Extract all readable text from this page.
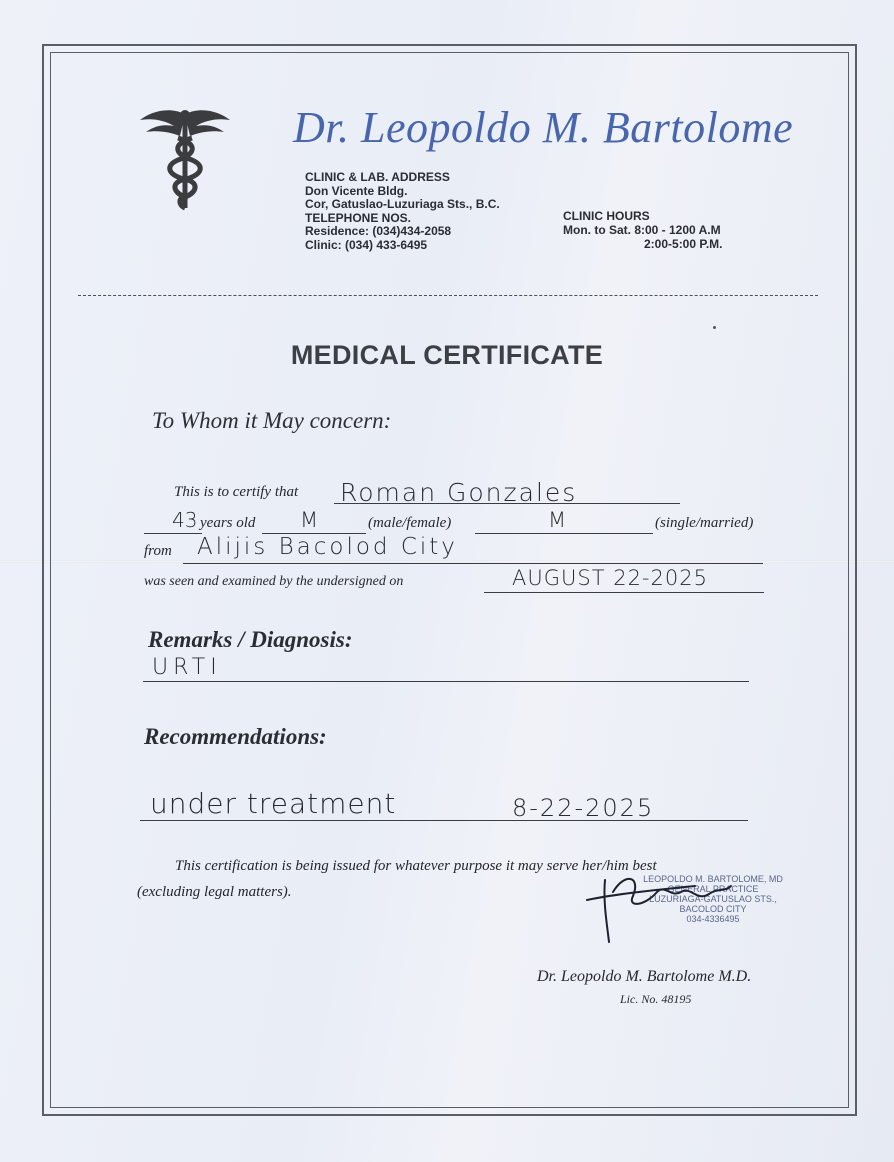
Dr. Leopoldo M. Bartolome
CLINIC & LAB. ADDRESS
Don Vicente Bldg.
Cor, Gatuslao-Luzuriaga Sts., B.C.
TELEPHONE NOS.
Residence: (034)434-2058
Clinic: (034) 433-6495
CLINIC HOURS
Mon. to Sat. 8:00 - 1200 A.M
2:00-5:00 P.M.
MEDICAL CERTIFICATE
To Whom it May concern:
This is to certify that Roman Gonzales
43 years old M	(male/female)	M	(single/married)
from Alijis Bacolod City
was seen and examined by the undersigned on	AUGUST 22-2025
Remarks / Diagnosis:
URTI
Recommendations:
under treatment	8-22-2025
This certification is being issued for whatever purpose it may serve her/him best
(excluding legal matters).
LEOPOLDO M. BARTOLOME, MD
GENERAL PRACTICE
LUZURIAGA-GATUSLAO STS., BACOLOD CITY
034-4336495
Dr. Leopoldo M. Bartolome M.D.
Lic. No. 48195
